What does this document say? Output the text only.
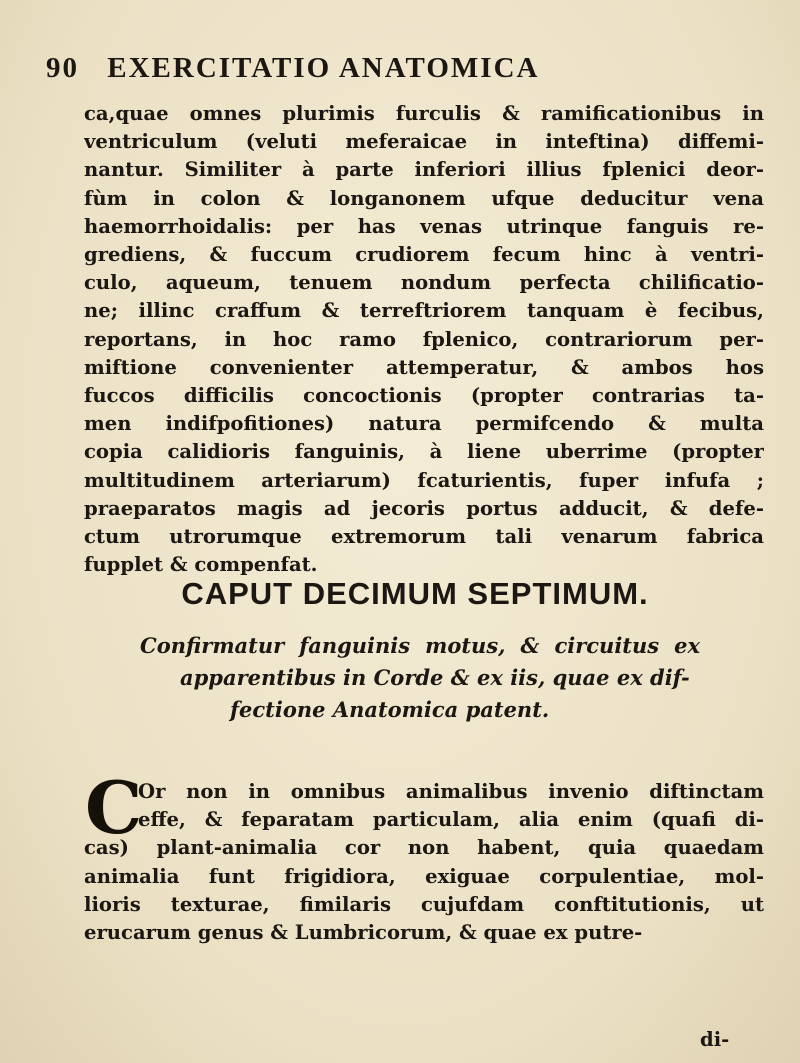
90 EXERCITATIO ANATOMICA
ca,quae omnes plurimis furculis & ramificationibus in
ventriculum (veluti meferaicae in inteftina) diffemi-
nantur. Similiter à parte inferiori illius fplenici deor-
fùm in colon & longanonem ufque deducitur vena
haemorrhoidalis: per has venas utrinque fanguis re-
grediens, & fuccum crudiorem fecum hinc à ventri-
culo, aqueum, tenuem nondum perfecta chilificatio-
ne; illinc craffum & terreftriorem tanquam è fecibus,
reportans, in hoc ramo fplenico, contrariorum per-
miftione convenienter attemperatur, & ambos hos
fuccos difficilis concoctionis (propter contrarias ta-
men indifpofitiones) natura permifcendo & multa
copia calidioris fanguinis, à liene uberrime (propter
multitudinem arteriarum) fcaturientis, fuper infufa ;
praeparatos magis ad jecoris portus adducit, & defe-
ctum utrorumque extremorum tali venarum fabrica
fupplet & compenfat.
CAPUT DECIMUM SEPTIMUM.
Confirmatur fanguinis motus, & circuitus ex
apparentibus in Corde & ex iis, quae ex dif-
fectione Anatomica patent.
C
Or non in omnibus animalibus invenio diftinctam
effe, & feparatam particulam, alia enim (quafi di-
cas) plant-animalia cor non habent, quia quaedam
animalia funt frigidiora, exiguae corpulentiae, mol-
lioris texturae, fimilaris cujufdam conftitutionis, ut
erucarum genus & Lumbricorum, & quae ex putre-
di-
